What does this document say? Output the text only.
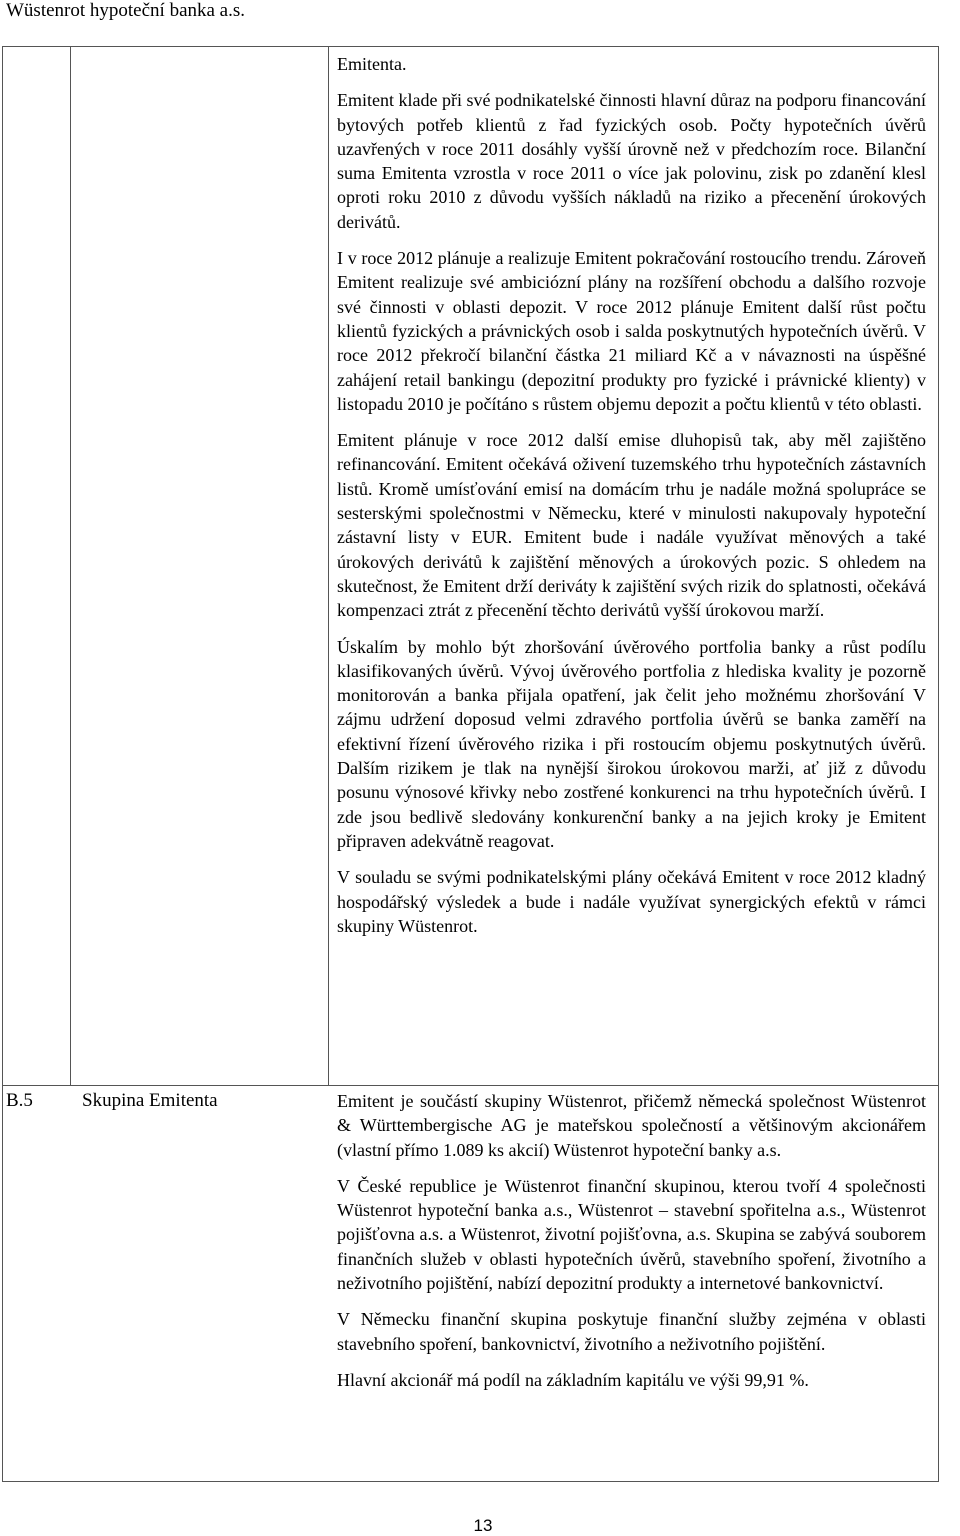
Wüstenrot hypoteční banka a.s.

Emitenta.

Emitent klade při své podnikatelské činnosti hlavní důraz na podporu financování bytových potřeb klientů z řad fyzických osob. Počty hypotečních úvěrů uzavřených v roce 2011 dosáhly vyšší úrovně než v předchozím roce. Bilanční suma Emitenta vzrostla v roce 2011 o více jak polovinu, zisk po zdanění klesl oproti roku 2010 z důvodu vyšších nákladů na riziko a přecenění úrokových derivátů.

I v roce 2012 plánuje a realizuje Emitent pokračování rostoucího trendu. Zároveň Emitent realizuje své ambiciózní plány na rozšíření obchodu a dalšího rozvoje své činnosti v oblasti depozit. V roce 2012 plánuje Emitent další růst počtu klientů fyzických a právnických osob i salda poskytnutých hypotečních úvěrů. V roce 2012 překročí bilanční částka 21 miliard Kč a v návaznosti na úspěšné zahájení retail bankingu (depozitní produkty pro fyzické i právnické klienty) v listopadu 2010 je počítáno s růstem objemu depozit a počtu klientů v této oblasti.

Emitent plánuje v roce 2012 další emise dluhopisů tak, aby měl zajištěno refinancování. Emitent očekává oživení tuzemského trhu hypotečních zástavních listů. Kromě umísťování emisí na domácím trhu je nadále možná spolupráce se sesterskými společnostmi v Německu, které v minulosti nakupovaly hypoteční zástavní listy v EUR. Emitent bude i nadále využívat měnových a také úrokových derivátů k zajištění měnových a úrokových pozic. S ohledem na skutečnost, že Emitent drží deriváty k zajištění svých rizik do splatnosti, očekává kompenzaci ztrát z přecenění těchto derivátů vyšší úrokovou marží.

Úskalím by mohlo být zhoršování úvěrového portfolia banky a růst podílu klasifikovaných úvěrů. Vývoj úvěrového portfolia z hlediska kvality je pozorně monitorován a banka přijala opatření, jak čelit jeho možnému zhoršování V zájmu udržení doposud velmi zdravého portfolia úvěrů se banka zaměří na efektivní řízení úvěrového rizika i při rostoucím objemu poskytnutých úvěrů. Dalším rizikem je tlak na nynější širokou úrokovou marži, ať již z důvodu posunu výnosové křivky nebo zostřené konkurenci na trhu hypotečních úvěrů. I zde jsou bedlivě sledovány konkurenční banky a na jejich kroky je Emitent připraven adekvátně reagovat.

V souladu se svými podnikatelskými plány očekává Emitent v roce 2012 kladný hospodářský výsledek a bude i nadále využívat synergických efektů v rámci skupiny Wüstenrot.

B.5	Skupina Emitenta	Emitent je součástí skupiny Wüstenrot, přičemž německá společnost Wüstenrot & Württembergische AG je mateřskou společností a většinovým akcionářem (vlastní přímo 1.089 ks akcií) Wüstenrot hypoteční banky a.s.

V České republice je Wüstenrot finanční skupinou, kterou tvoří 4 společnosti Wüstenrot hypoteční banka a.s., Wüstenrot – stavební spořitelna a.s., Wüstenrot pojišťovna a.s. a Wüstenrot, životní pojišťovna, a.s. Skupina se zabývá souborem finančních služeb v oblasti hypotečních úvěrů, stavebního spoření, životního a neživotního pojištění, nabízí depozitní produkty a internetové bankovnictví.

V Německu finanční skupina poskytuje finanční služby zejména v oblasti stavebního spoření, bankovnictví, životního a neživotního pojištění.

Hlavní akcionář má podíl na základním kapitálu ve výši 99,91 %.

13
